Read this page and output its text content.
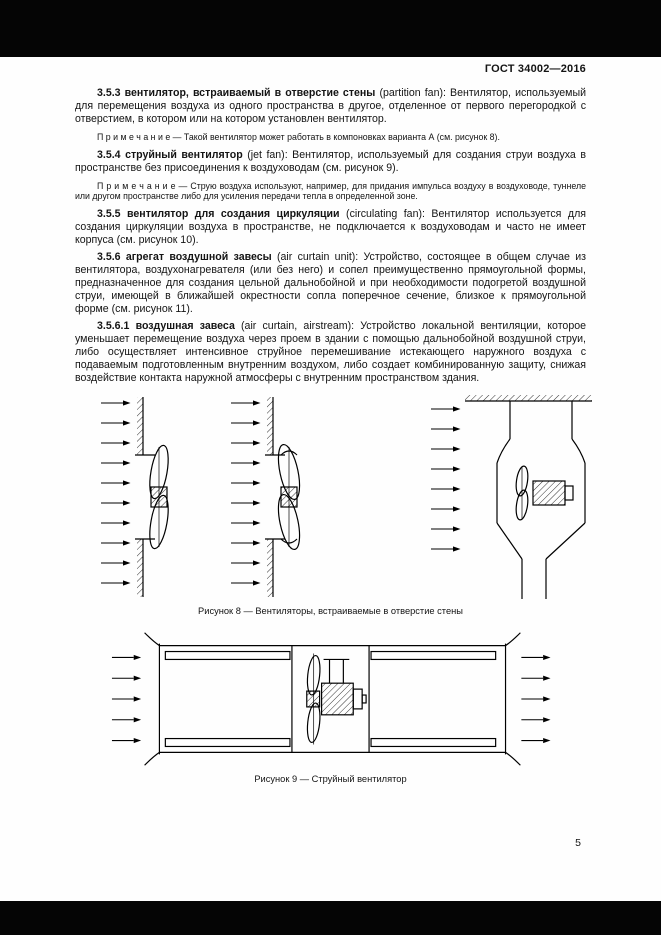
ГОСТ 34002—2016

3.5.3 вентилятор, встраиваемый в отверстие стены (partition fan): Вентилятор, используемый для перемещения воздуха из одного пространства в другое, отделенное от первого перегородкой с отверстием, в котором или на котором установлен вентилятор.

П р и м е ч а н и е — Такой вентилятор может работать в компоновках варианта А (см. рисунок 8).

3.5.4 струйный вентилятор (jet fan): Вентилятор, используемый для создания струи воздуха в пространстве без присоединения к воздуховодам (см. рисунок 9).

П р и м е ч а н и е — Струю воздуха используют, например, для придания импульса воздуху в воздуховоде, туннеле или другом пространстве либо для усиления передачи тепла в определенной зоне.

3.5.5 вентилятор для создания циркуляции (circulating fan): Вентилятор используется для создания циркуляции воздуха в пространстве, не подключается к воздуховодам и часто не имеет корпуса (см. рисунок 10).

3.5.6 агрегат воздушной завесы (air curtain unit): Устройство, состоящее в общем случае из вентилятора, воздухонагревателя (или без него) и сопел преимущественно прямоугольной формы, предназначенное для создания цельной дальнобойной и при необходимости подогретой воздушной струи, имеющей в ближайшей окрестности сопла поперечное сечение, близкое к прямоугольной форме (см. рисунок 11).

3.5.6.1 воздушная завеса (air curtain, airstream): Устройство локальной вентиляции, которое уменьшает перемещение воздуха через проем в здании с помощью дальнобойной воздушной струи, либо осуществляет интенсивное струйное перемешивание истекающего наружного воздуха с подаваемым подготовленным внутренним воздухом, либо создает комбинированную защиту, снижая воздействие контакта наружной атмосферы с внутренним пространством здания.

Рисунок 8 — Вентиляторы, встраиваемые в отверстие стены

Рисунок 9 — Струйный вентилятор

5
